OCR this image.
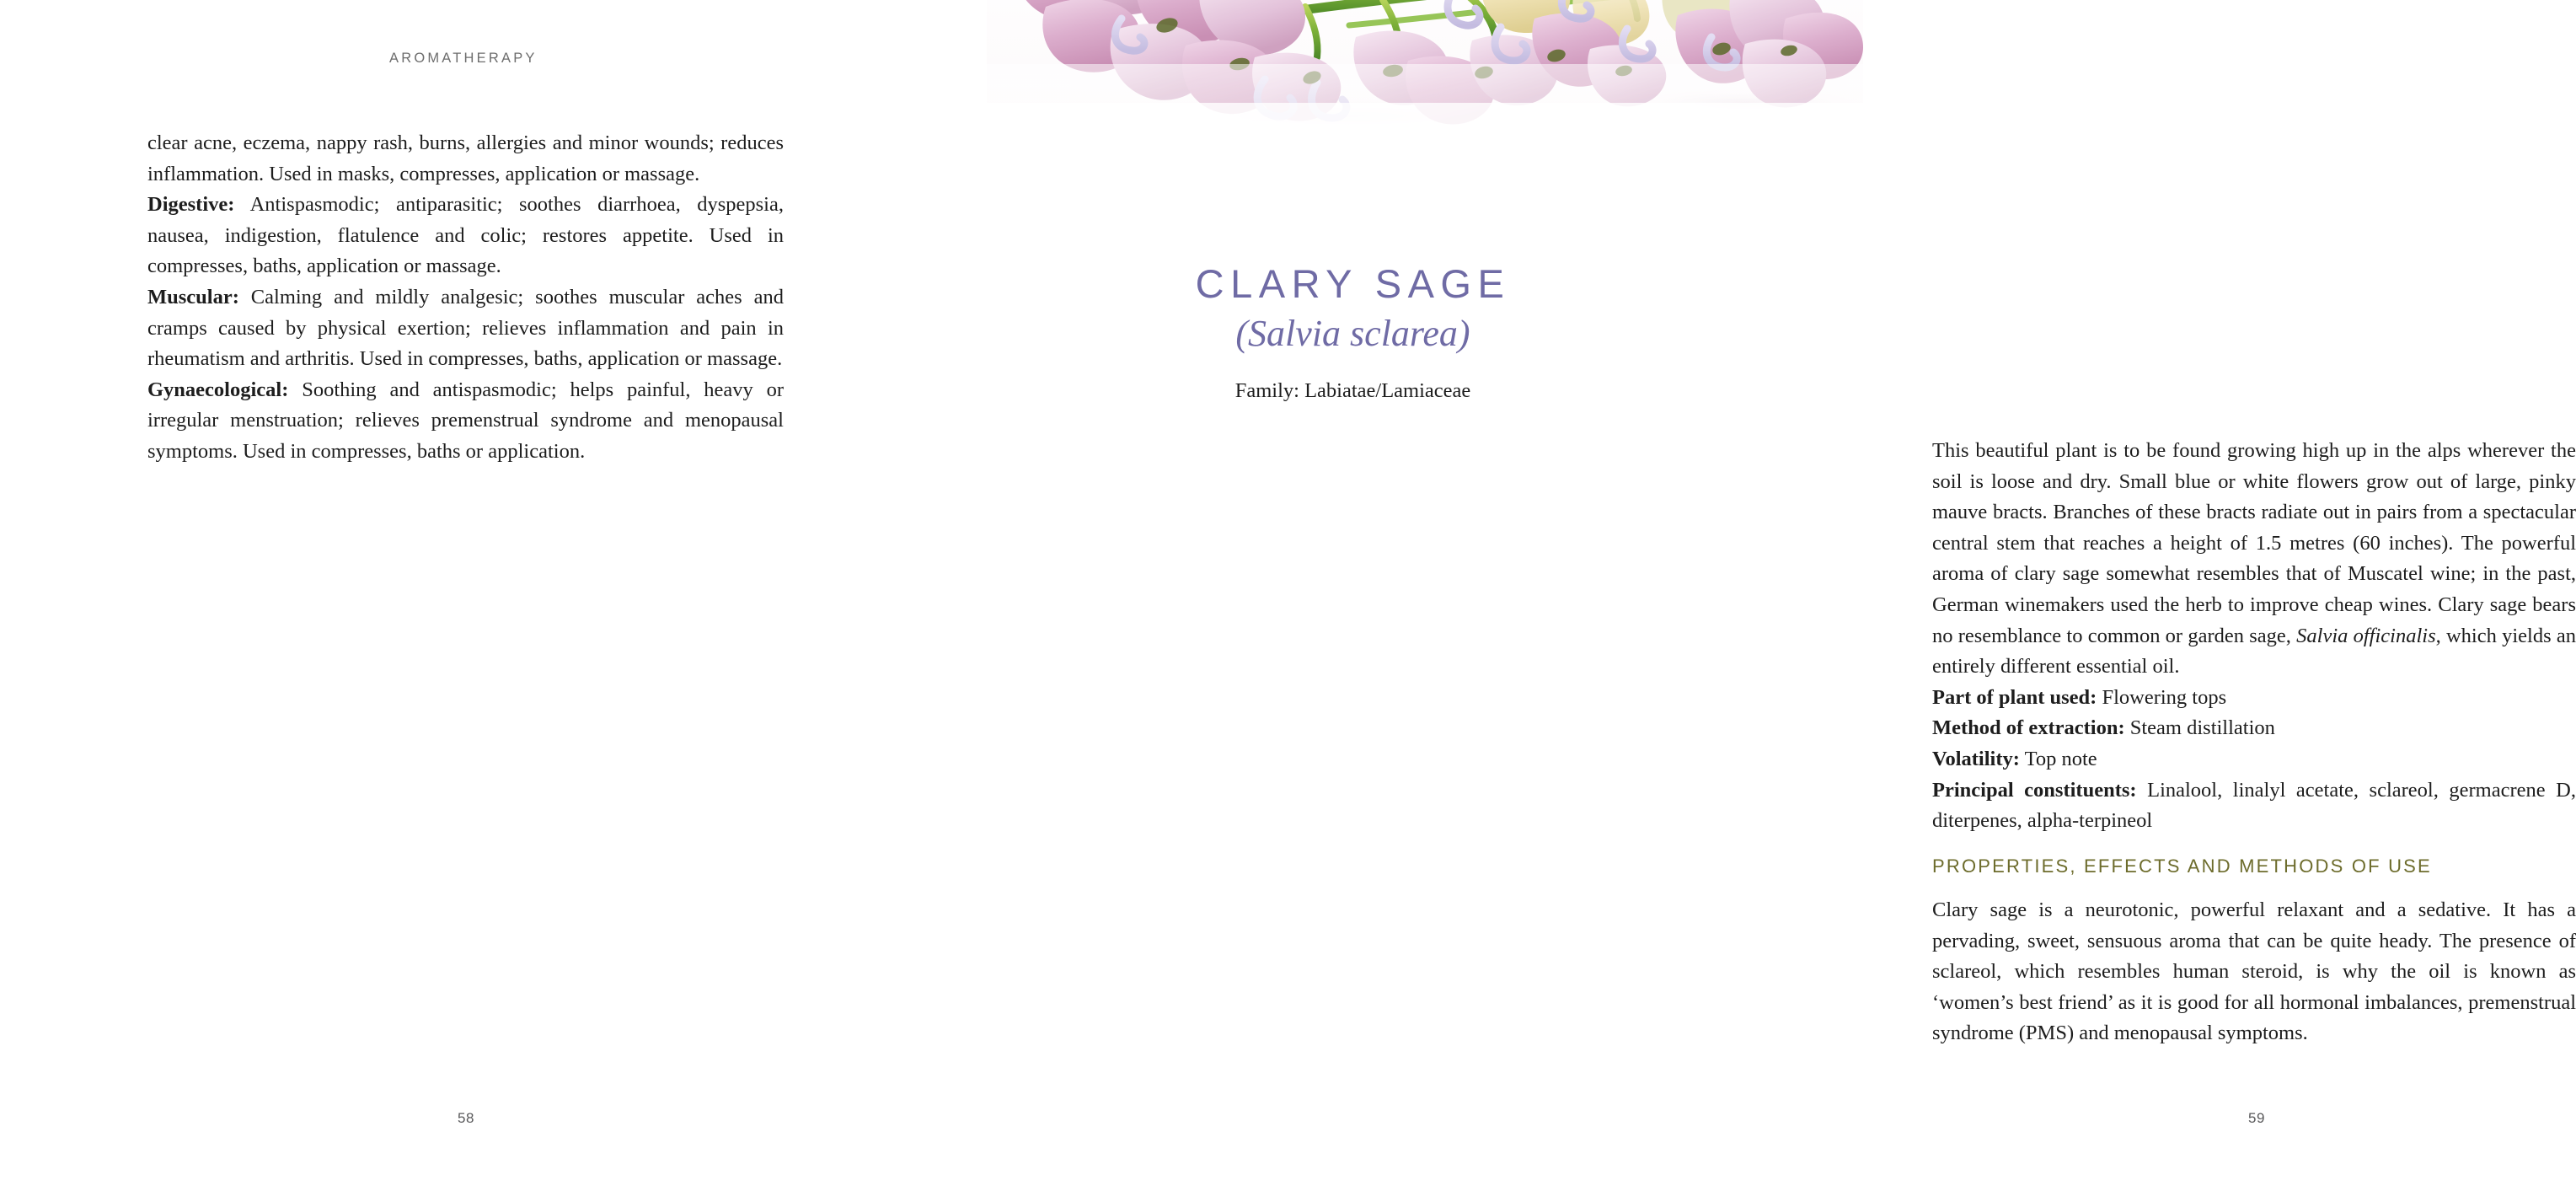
AROMATHERAPY

clear acne, eczema, nappy rash, burns, allergies and minor wounds; reduces inflammation. Used in masks, compresses, application or massage.

Digestive: Antispasmodic; antiparasitic; soothes diarrhoea, dyspepsia, nausea, indigestion, flatulence and colic; restores appetite. Used in compresses, baths, application or massage.

Muscular: Calming and mildly analgesic; soothes muscular aches and cramps caused by physical exertion; relieves inflammation and pain in rheumatism and arthritis. Used in compresses, baths, application or massage.

Gynaecological: Soothing and antispasmodic; helps painful, heavy or irregular menstruation; relieves premenstrual syndrome and menopausal symptoms. Used in compresses, baths or application.

58
CLARY SAGE
(Salvia sclarea)
Family: Labiatae/Lamiaceae

This beautiful plant is to be found growing high up in the alps wherever the soil is loose and dry. Small blue or white flowers grow out of large, pinky mauve bracts. Branches of these bracts radiate out in pairs from a spectacular central stem that reaches a height of 1.5 metres (60 inches). The powerful aroma of clary sage somewhat resembles that of Muscatel wine; in the past, German winemakers used the herb to improve cheap wines. Clary sage bears no resemblance to common or garden sage, Salvia officinalis, which yields an entirely different essential oil.

Part of plant used: Flowering tops

Method of extraction: Steam distillation

Volatility: Top note

Principal constituents: Linalool, linalyl acetate, sclareol, germacrene D, diterpenes, alpha-terpineol

PROPERTIES, EFFECTS AND METHODS OF USE

Clary sage is a neurotonic, powerful relaxant and a sedative. It has a pervading, sweet, sensuous aroma that can be quite heady. The presence of sclareol, which resembles human steroid, is why the oil is known as ‘women’s best friend’ as it is good for all hormonal imbalances, premenstrual syndrome (PMS) and menopausal symptoms.

59
